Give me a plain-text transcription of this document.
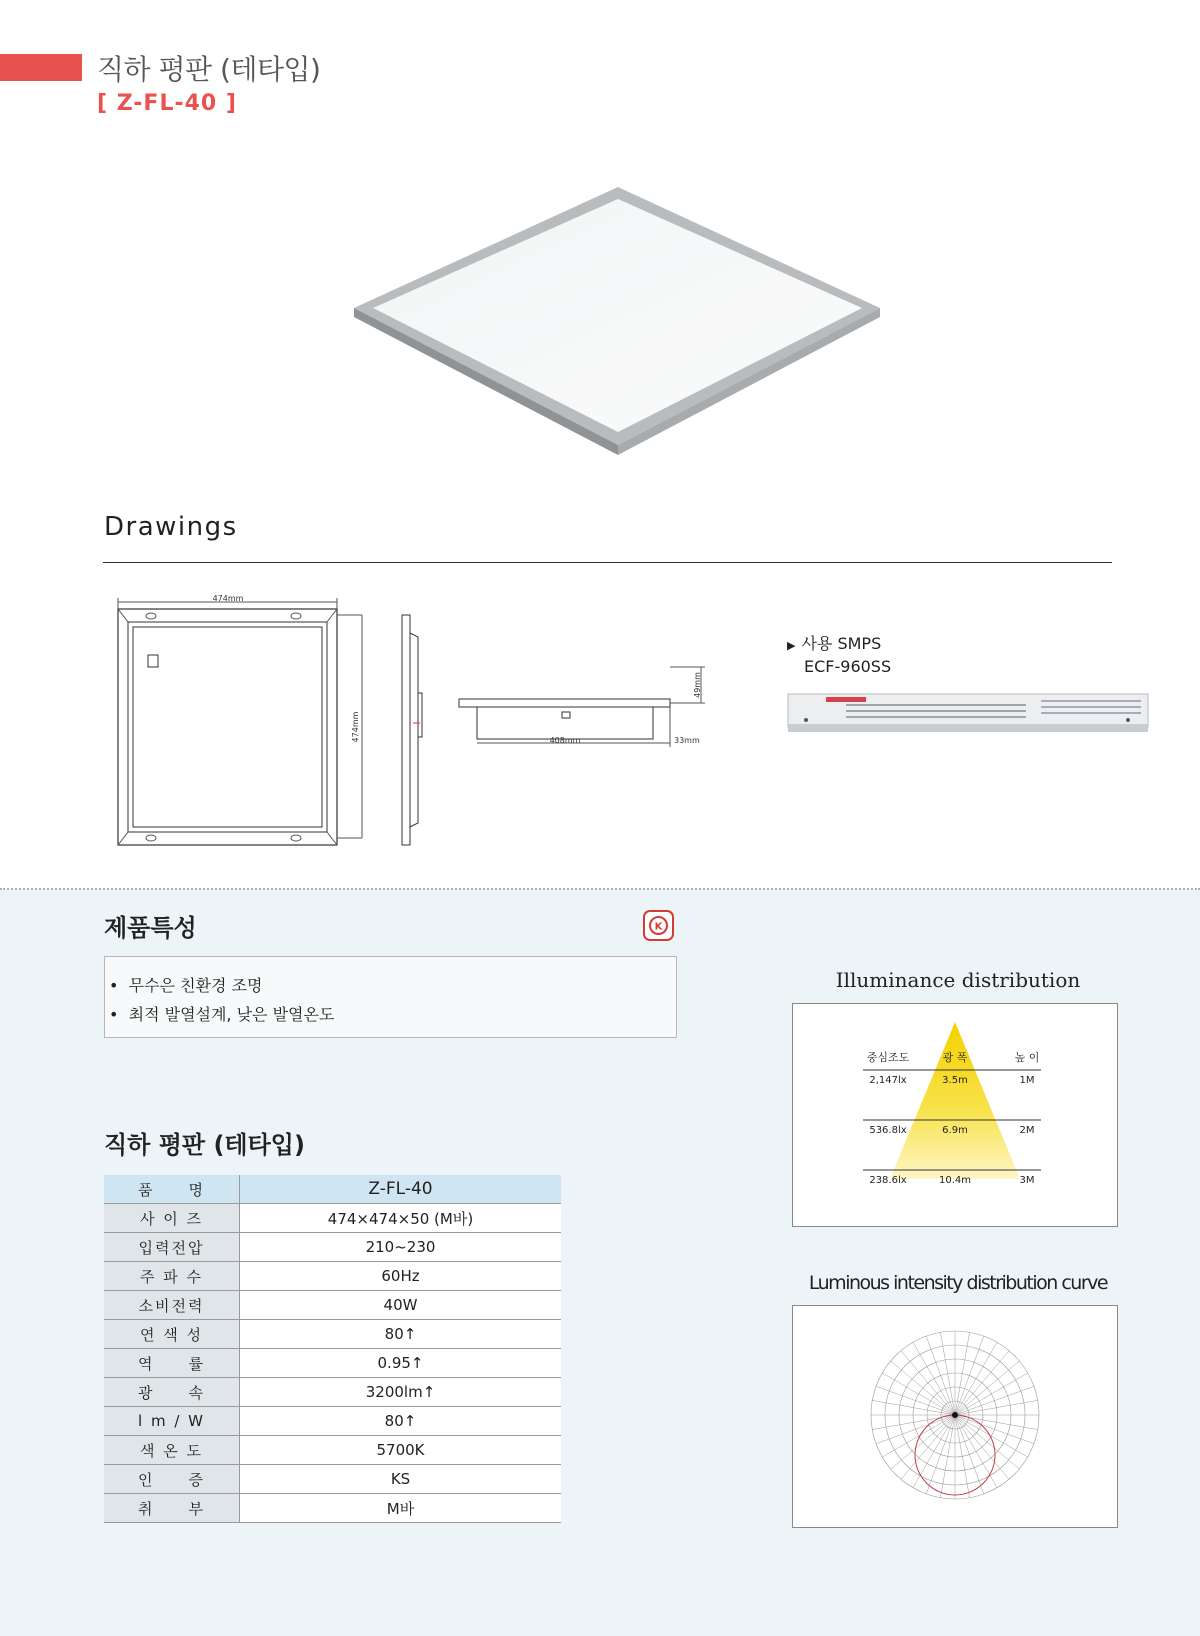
직하 평판 (테타입)
[ Z-FL-40 ]
Drawings
474mm
474mm
49mm
408mm	33mm
▶ 사용 SMPS
ECF-960SS
제품특성	K
•  무수은 친환경 조명
•  최적 발열설계, 낮은 발열온도
직하 평판 (테타입)
품　　명	Z-FL-40
사 이 즈	474×474×50 (M바)
입력전압	210~230
주 파 수	60Hz
소비전력	40W
연 색 성	80↑
역　　률	0.95↑
광　　속	3200lm↑
l m / W	80↑
색 온 도	5700K
인　　증	KS
취　　부	M바
Illuminance distribution
중심조도	광 폭	높 이
2,147lx	3.5m	1M
536.8lx	6.9m	2M
238.6lx	10.4m	3M
Luminous intensity distribution curve
